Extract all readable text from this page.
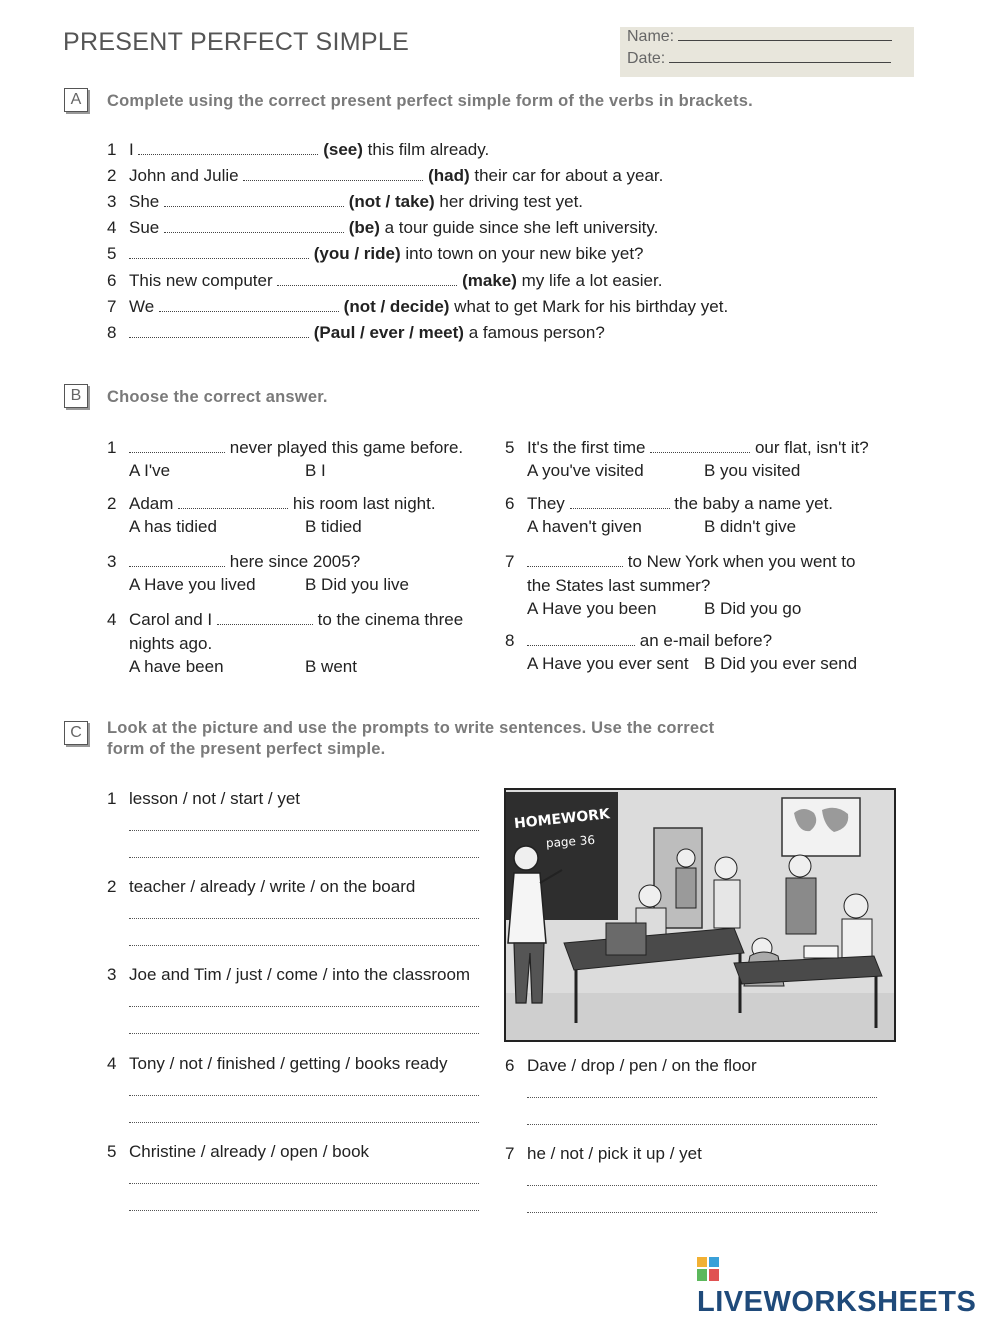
PRESENT PERFECT SIMPLE	Name:
Date:
A	Complete using the correct present perfect simple form of the verbs in brackets.
1 I	(see) this film already.
2 John and Julie	(had) their car for about a year.
3 She	(not / take) her driving test yet.
4 Sue	(be) a tour guide since she left university.
5	(you / ride) into town on your new bike yet?
6 This new computer	(make) my life a lot easier.
7 We	(not / decide) what to get Mark for his birthday yet.
8	(Paul / ever / meet) a famous person?
B	Choose the correct answer.
1	never played this game before.
A I've	B I
2 Adam	his room last night.
A has tidied	B tidied
3	here since 2005?
A Have you lived	B Did you live
4 Carol and I	to the cinema three
nights ago.
A have been	B went
5 It's the first time	our flat, isn't it?
A you've visited	B you visited
6 They	the baby a name yet.
A haven't given	B didn't give
7	to New York when you went to
the States last summer?
A Have you been	B Did you go
8	an e-mail before?
A Have you ever sent B Did you ever send
C	Look at the picture and use the prompts to write sentences. Use the correct
form of the present perfect simple.
1 lesson / not / start / yet
2 teacher / already / write / on the board
3 Joe and Tim / just / come / into the classroom
4 Tony / not / finished / getting / books ready
5 Christine / already / open / book
6 Dave / drop / pen / on the floor
7 he / not / pick it up / yet
HOMEWORK
page 36
LIVEWORKSHEETS
